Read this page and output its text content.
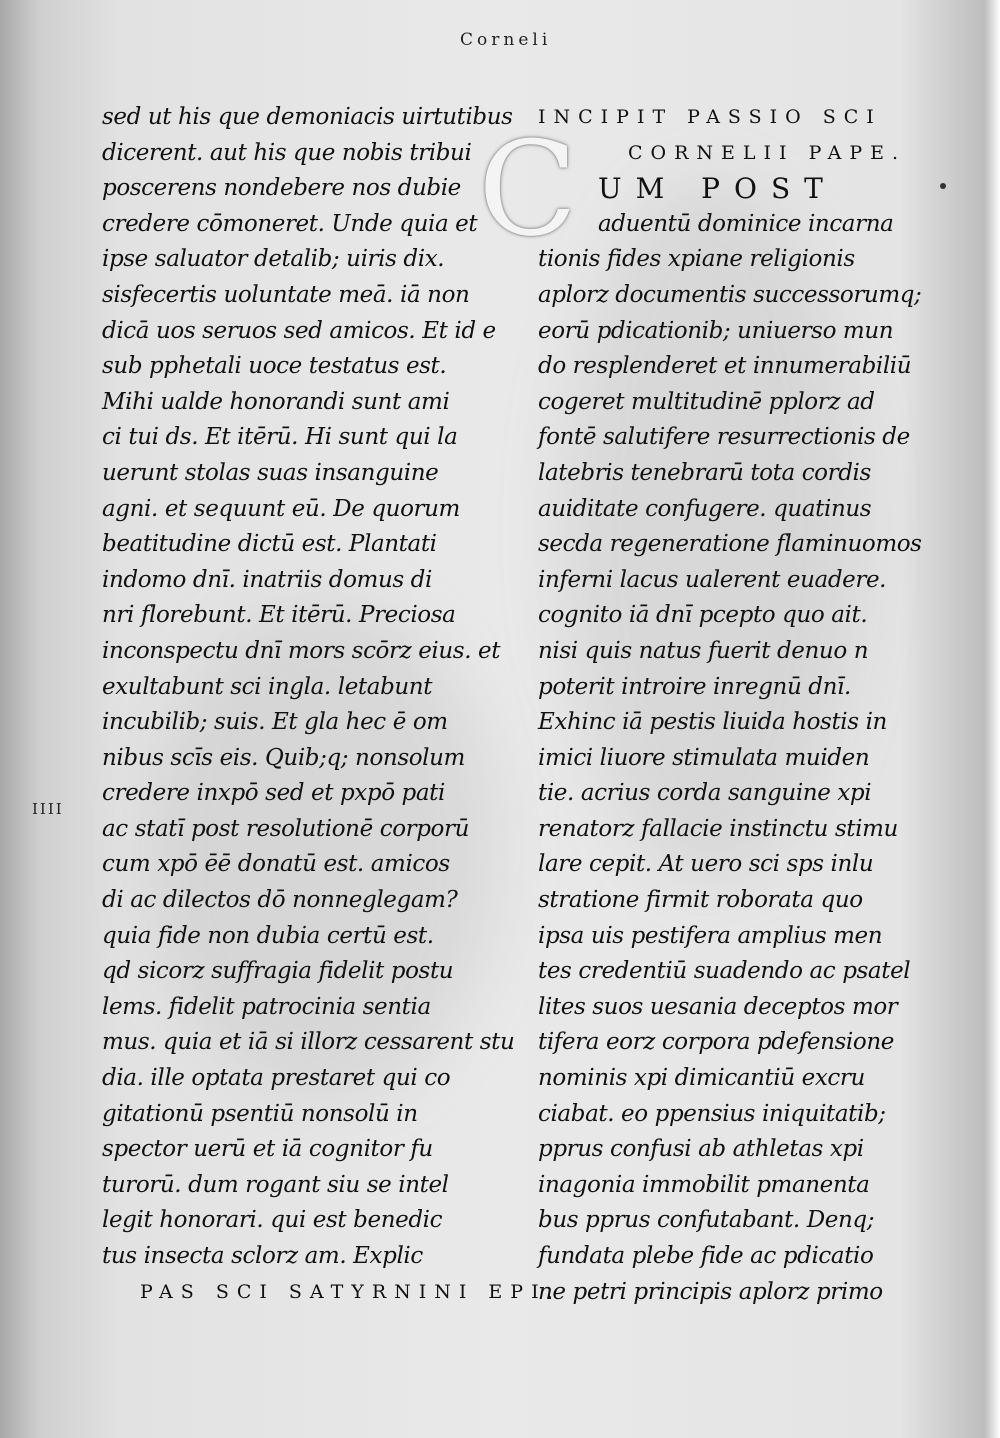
Corneli
IIII
sed ut his que demoniacis uirtutibus
dicerent. aut his que nobis tribui
poscerens nondebere nos dubie
credere cōmoneret. Unde quia et
ipse saluator detalib; uiris dix.
sisfecertis uoluntate meā. iā non
dicā uos seruos sed amicos. Et id e
sub pphetali uoce testatus est.
Mihi ualde honorandi sunt ami
ci tui ds. Et itērū. Hi sunt qui la
uerunt stolas suas insanguine
agni. et sequunt eū. De quorum
beatitudine dictū est. Plantati
indomo dnī. inatriis domus di
nri florebunt. Et itērū. Preciosa
inconspectu dnī mors scōrz eius. et
exultabunt sci ingla. letabunt
incubilib; suis. Et gla hec ē om
nibus scīs eis. Quib;q; nonsolum
credere inxpō sed et pxpō pati
ac statī post resolutionē corporū
cum xpō ēē donatū est. amicos
di ac dilectos dō nonneglegam?
quia fide non dubia certū est.
qd sicorz suffragia fidelit postu
lems. fidelit patrocinia sentia
mus. quia et iā si illorz cessarent stu
dia. ille optata prestaret qui co
gitationū psentiū nonsolū in
spector uerū et iā cognitor fu
turorū. dum rogant siu se intel
legit honorari. qui est benedic
tus insecta sclorz am. Explic
PAS SCI SATYRNINI EPI.
INCIPIT PASSIO SCI
CORNELII PAPE.
UM POST
aduentū dominice incarna
tionis fides xpiane religionis
aplorz documentis successorumq;
eorū pdicationib; uniuerso mun
do resplenderet et innumerabiliū
cogeret multitudinē pplorz ad
fontē salutifere resurrectionis de
latebris tenebrarū tota cordis
auiditate confugere. quatinus
secda regeneratione flaminuomos
inferni lacus ualerent euadere.
cognito iā dnī pcepto quo ait.
nisi quis natus fuerit denuo n
poterit introire inregnū dnī.
Exhinc iā pestis liuida hostis in
imici liuore stimulata muiden
tie. acrius corda sanguine xpi
renatorz fallacie instinctu stimu
lare cepit. At uero sci sps inlu
stratione firmit roborata quo
ipsa uis pestifera amplius men
tes credentiū suadendo ac psatel
lites suos uesania deceptos mor
tifera eorz corpora pdefensione
nominis xpi dimicantiū excru
ciabat. eo ppensius iniquitatib;
pprus confusi ab athletas xpi
inagonia immobilit pmanenta
bus pprus confutabant. Denq;
fundata plebe fide ac pdicatio
ne petri principis aplorz primo
C
